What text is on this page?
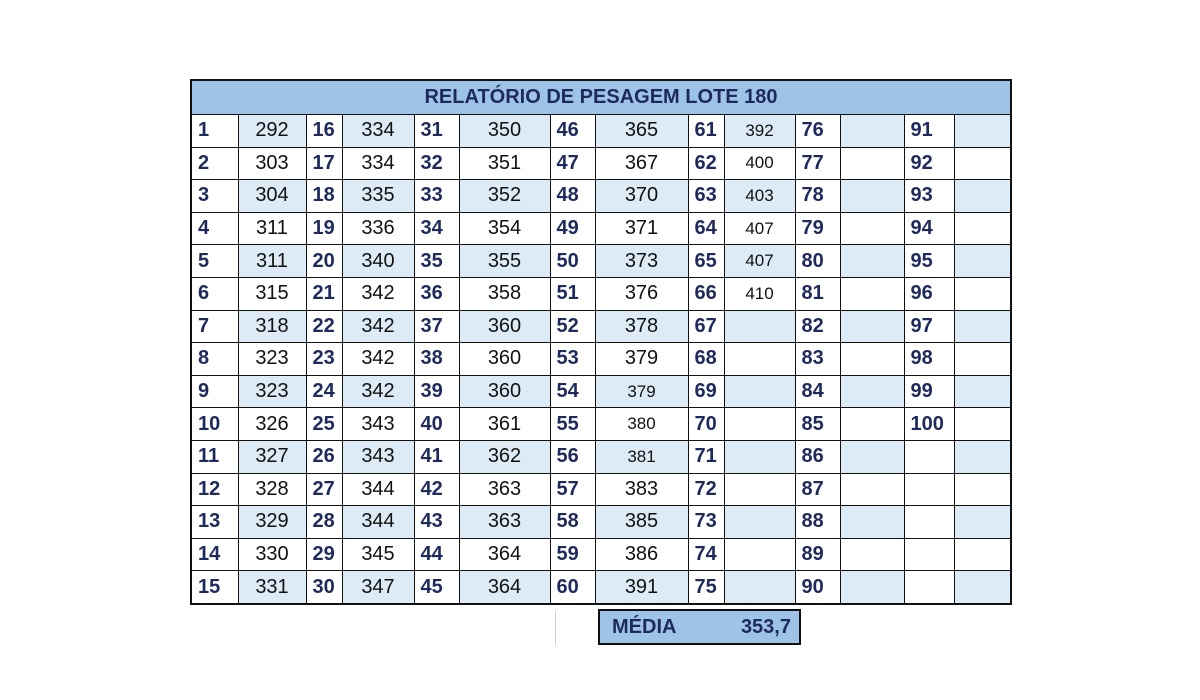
RELATÓRIO DE PESAGEM LOTE 180
1	292	16	334	31	350	46	365	61	392	76		91	
2	303	17	334	32	351	47	367	62	400	77		92	
3	304	18	335	33	352	48	370	63	403	78		93	
4	311	19	336	34	354	49	371	64	407	79		94	
5	311	20	340	35	355	50	373	65	407	80		95	
6	315	21	342	36	358	51	376	66	410	81		96	
7	318	22	342	37	360	52	378	67		82		97	
8	323	23	342	38	360	53	379	68		83		98	
9	323	24	342	39	360	54	379	69		84		99	
10	326	25	343	40	361	55	380	70		85		100	
11	327	26	343	41	362	56	381	71		86			
12	328	27	344	42	363	57	383	72		87			
13	329	28	344	43	363	58	385	73		88			
14	330	29	345	44	364	59	386	74		89			
15	331	30	347	45	364	60	391	75		90			
MÉDIA	353,7
